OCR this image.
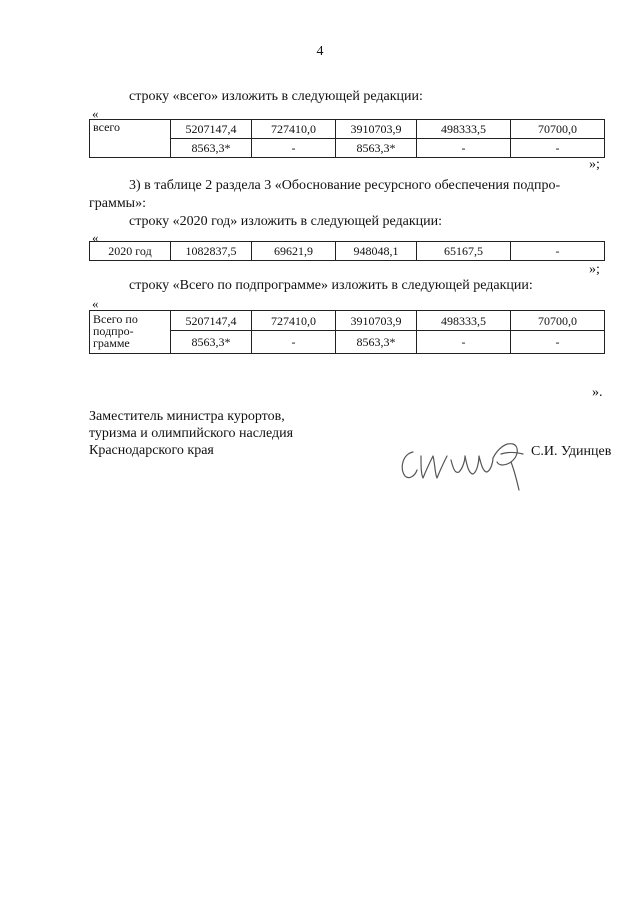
4
строку «всего» изложить в следующей редакции:
«
всего	5207147,4	727410,0	3910703,9	498333,5	70700,0
	8563,3*	-	8563,3*	-	-
»;
3) в таблице 2 раздела 3 «Обоснование ресурсного обеспечения подпро-
граммы»:
строку «2020 год» изложить в следующей редакции:
«
2020 год	1082837,5	69621,9	948048,1	65167,5	-
»;
строку «Всего по подпрограмме» изложить в следующей редакции:
«
Всего по подпро-грамме	5207147,4	727410,0	3910703,9	498333,5	70700,0
	8563,3*	-	8563,3*	-	-
».
Заместитель министра курортов,
туризма и олимпийского наследия
Краснодарского края	С.И. Удинцев
